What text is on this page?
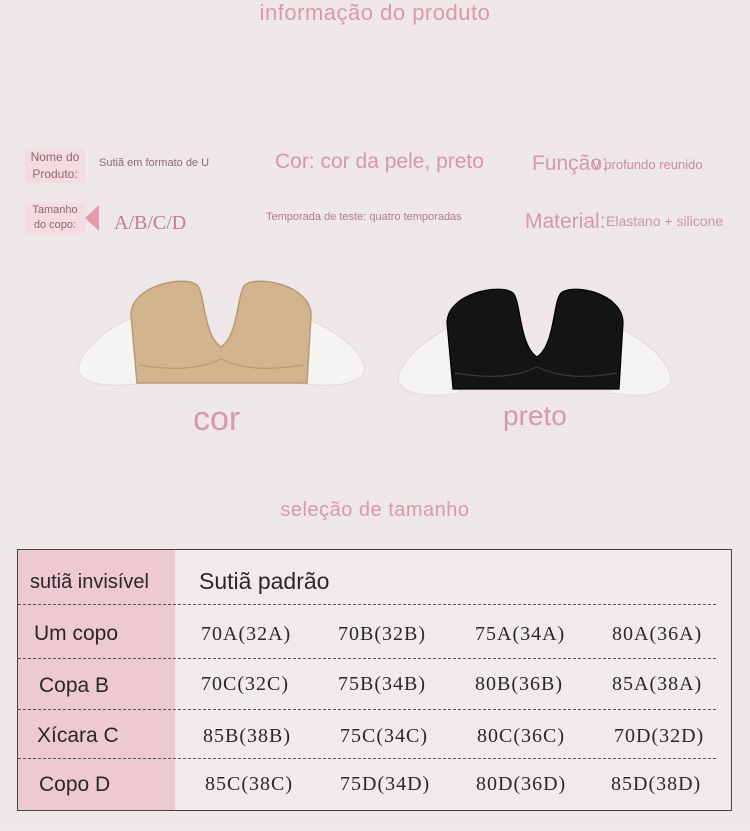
informação do produto
Nome do Produto:
Sutiã em formato de U
Tamanho do copo:	A/B/C/D
Cor: cor da pele, preto
Temporada de teste: quatro temporadas
Função:
V profundo reunido
Material: Elastano + silicone
cor	preto
seleção de tamanho
sutiã invisível Sutiã padrão
Um copo	70A(32A) 70B(32B) 75A(34A) 80A(36A)
Copa B	70C(32C) 75B(34B) 80B(36B) 85A(38A)
Xícara C	85B(38B) 75C(34C) 80C(36C) 70D(32D)
Copo D	85C(38C) 75D(34D) 80D(36D) 85D(38D)
